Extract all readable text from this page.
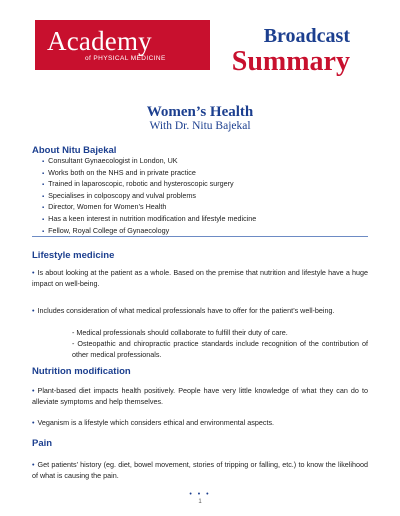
Academy
of PHYSICAL MEDICINE
Broadcast
Summary
Women’s Health
With Dr. Nitu Bajekal
About Nitu Bajekal
▪ Consultant Gynaecologist in London, UK
▪ Works both on the NHS and in private practice
▪ Trained in laparoscopic, robotic and hysteroscopic surgery
▪ Specialises in colposcopy and vulval problems
▪ Director, Women for Women’s Health
▪ Has a keen interest in nutrition modification and lifestyle medicine
▪ Fellow, Royal College of Gynaecology
Lifestyle medicine
• Is about looking at the patient as a whole. Based on the premise that nutrition and lifestyle have a huge impact on well-being.
• Includes consideration of what medical professionals have to offer for the patient’s well-being.
- Medical professionals should collaborate to fulfill their duty of care.
- Osteopathic and chiropractic practice standards include recognition of the contribution of other medical professionals.
Nutrition modification
• Plant-based diet impacts health positively. People have very little knowledge of what they can do to alleviate symptoms and help themselves.
• Veganism is a lifestyle which considers ethical and environmental aspects.
Pain
• Get patients’ history (eg. diet, bowel movement, stories of tripping or falling, etc.) to know the likelihood of what is causing the pain.
• • •
1
